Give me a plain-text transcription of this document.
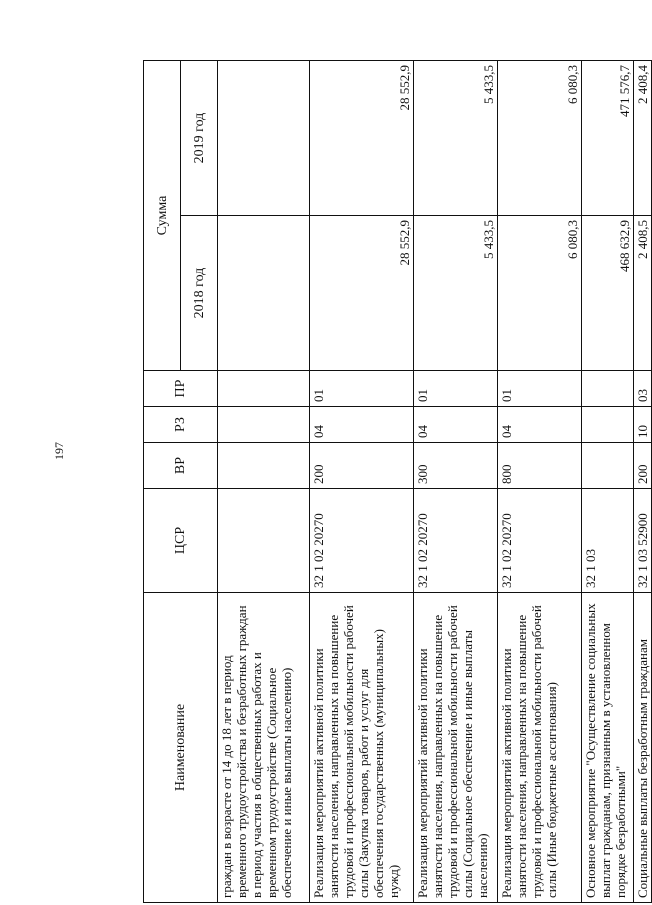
197
Наименование	ЦСР	ВР	РЗ	ПР	Сумма	
					2018 год	2019 год
граждан в возрасте от 14 до 18 лет в период временного трудоустройства и безработных граждан в период участия в общественных работах и временном трудоустройстве (Социальное обеспечение и иные выплаты населению)						
Реализация мероприятий активной политики занятости населения, направленных на повышение трудовой и профессиональной мобильности рабочей силы (Закупка товаров, работ и услуг для обеспечения государственных (муниципальных) нужд)	32 1 02 20270	200	04	01	28 552,9	28 552,9
Реализация мероприятий активной политики занятости населения, направленных на повышение трудовой и профессиональной мобильности рабочей силы (Социальное обеспечение и иные выплаты населению)	32 1 02 20270	300	04	01	5 433,5	5 433,5
Реализация мероприятий активной политики занятости населения, направленных на повышение трудовой и профессиональной мобильности рабочей силы (Иные бюджетные ассигнования)	32 1 02 20270	800	04	01	6 080,3	6 080,3
Основное мероприятие "Осуществление социальных выплат гражданам, признанным в установленном порядке безработными"	32 1 03				468 632,9	471 576,7
Социальные выплаты безработным гражданам	32 1 03 52900	200	10	03	2 408,5	2 408,4
